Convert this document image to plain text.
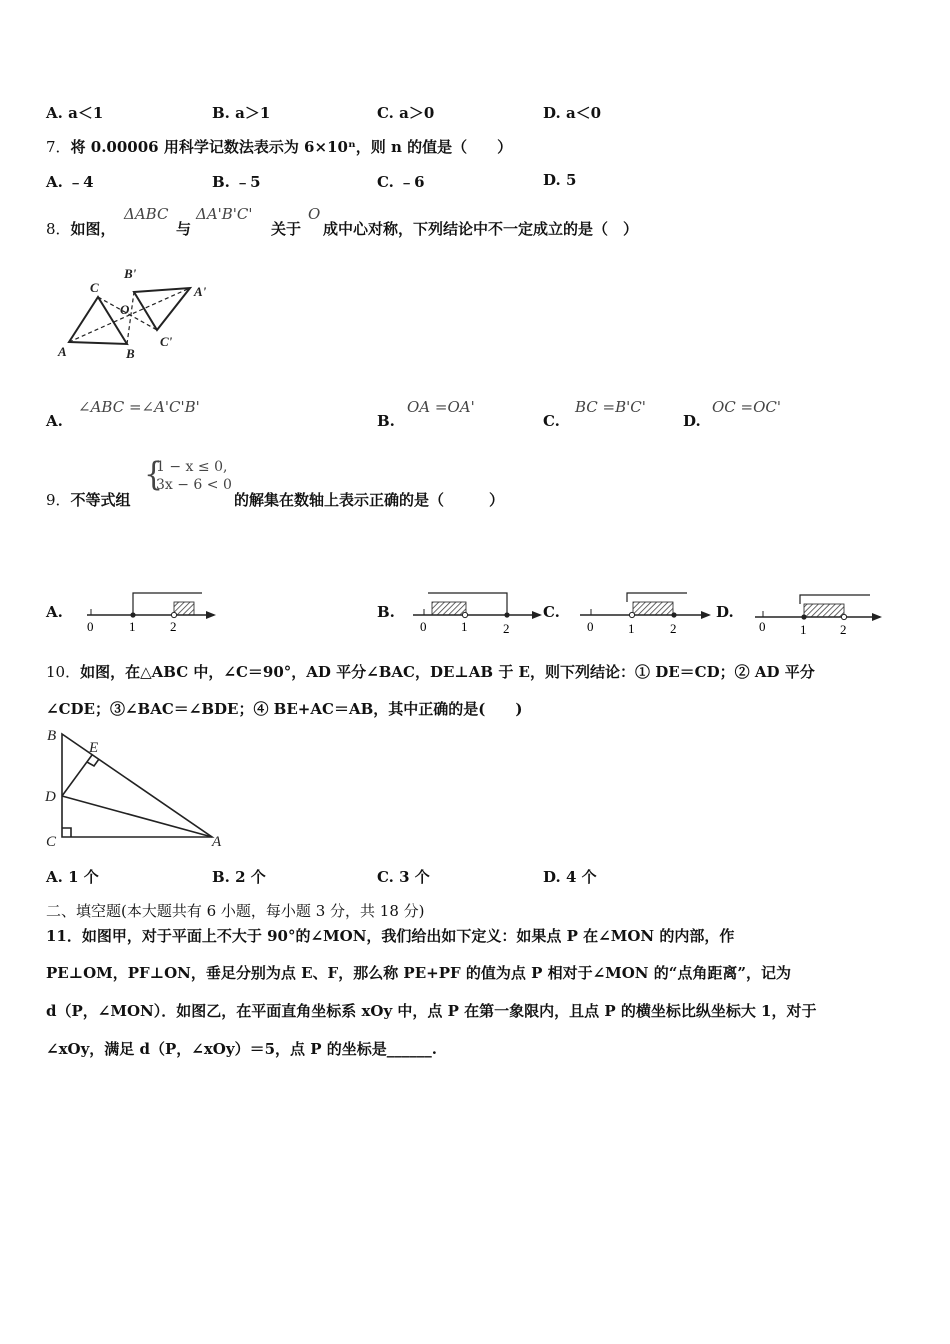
A. a＜1	B. a＞1	C. a＞0	D. a＜0
7．将 0.00006 用科学记数法表示为 6×10ⁿ，则 n 的值是（　　）
A. ﹣4	B. ﹣5	C. ﹣6	D. 5
8．如图，
ΔABC
与
ΔA'B'C'
关于
O
成中心对称，下列结论中不一定成立的是（　）
A	B
C
O
A'
B'
C'
A.
∠ABC =∠A'C'B'
B.
OA =OA'
C.
BC =B'C'
D.
OC =OC'
9．不等式组
{
1 − x ≤ 0,
3x − 6 < 0
的解集在数轴上表示正确的是（　　　）
A.
0	1	2
B.
0	1	2
C.
0	1	2
D.
0	1	2
10．如图，在△ABC 中，∠C＝90°，AD 平分∠BAC，DE⊥AB 于 E，则下列结论：① DE＝CD；② AD 平分
∠CDE；③∠BAC＝∠BDE；④ BE+AC＝AB，其中正确的是(　　)
B
E
D
C	A
A. 1 个	B. 2 个	C. 3 个	D. 4 个
二、填空题(本大题共有 6 小题，每小题 3 分，共 18 分)
11．如图甲，对于平面上不大于 90°的∠MON，我们给出如下定义：如果点 P 在∠MON 的内部，作
PE⊥OM，PF⊥ON，垂足分别为点 E、F，那么称 PE+PF 的值为点 P 相对于∠MON 的“点角距离”，记为
d（P，∠MON）．如图乙，在平面直角坐标系 xOy 中，点 P 在第一象限内，且点 P 的横坐标比纵坐标大 1，对于
∠xOy，满足 d（P，∠xOy）＝5，点 P 的坐标是______.
